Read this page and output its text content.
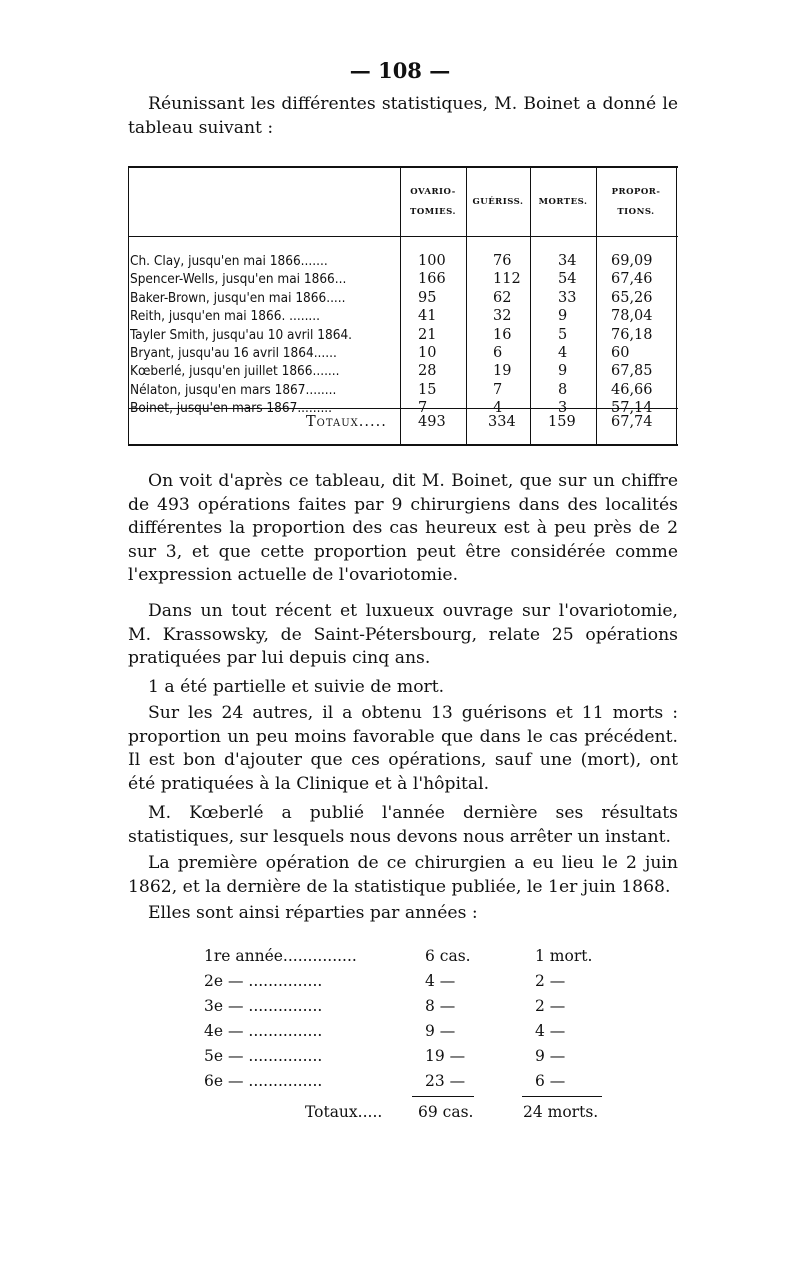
— 108 —

Réunissant les différentes statistiques, M. Boinet a donné le tableau suivant :

OVARIO-TOMIES.
GUÉRISS.	MORTES.
PROPOR-TIONS.
Ch. Clay, jusqu'en mai 1866.......	100	76	34 69,09
Spencer-Wells, jusqu'en mai 1866...	166	112	54 67,46
Baker-Brown, jusqu'en mai 1866.....	95	62	33 65,26
Reith, jusqu'en mai 1866. ........	41	32	9	78,04
Tayler Smith, jusqu'au 10 avril 1864.	21	16	5	76,18
Bryant, jusqu'au 16 avril 1864......	10	6	4	60
Kœberlé, jusqu'en juillet 1866.......	28	19	9	67,85
Nélaton, jusqu'en mars 1867........	15	7	8	46,66
Boinet, jusqu'en mars 1867.........	7	4	3	57,14
Totaux..... 493	334 159 67,74

On voit d'après ce tableau, dit M. Boinet, que sur un chiffre de 493 opérations faites par 9 chirurgiens dans des localités différentes la proportion des cas heureux est à peu près de 2 sur 3, et que cette proportion peut être considérée comme l'expression actuelle de l'ovariotomie.

Dans un tout récent et luxueux ouvrage sur l'ovariotomie, M. Krassowsky, de Saint-Pétersbourg, relate 25 opérations pratiquées par lui depuis cinq ans.

1 a été partielle et suivie de mort.

Sur les 24 autres, il a obtenu 13 guérisons et 11 morts : proportion un peu moins favorable que dans le cas précédent. Il est bon d'ajouter que ces opérations, sauf une (mort), ont été pratiquées à la Clinique et à l'hôpital.

M. Kœberlé a publié l'année dernière ses résultats statistiques, sur lesquels nous devons nous arrêter un instant.

La première opération de ce chirurgien a eu lieu le 2 juin 1862, et la dernière de la statistique publiée, le 1er juin 1868.

Elles sont ainsi réparties par années :

1re année...............	6 cas.	1 mort.
2e — ...............	4 —	2 —
3e — ...............	8 —	2 —
4e — ...............	9 —	4 —
5e — ...............	19 —	9 —
6e — ...............	23 —	6 —
Totaux..... 69 cas.	24 morts.
